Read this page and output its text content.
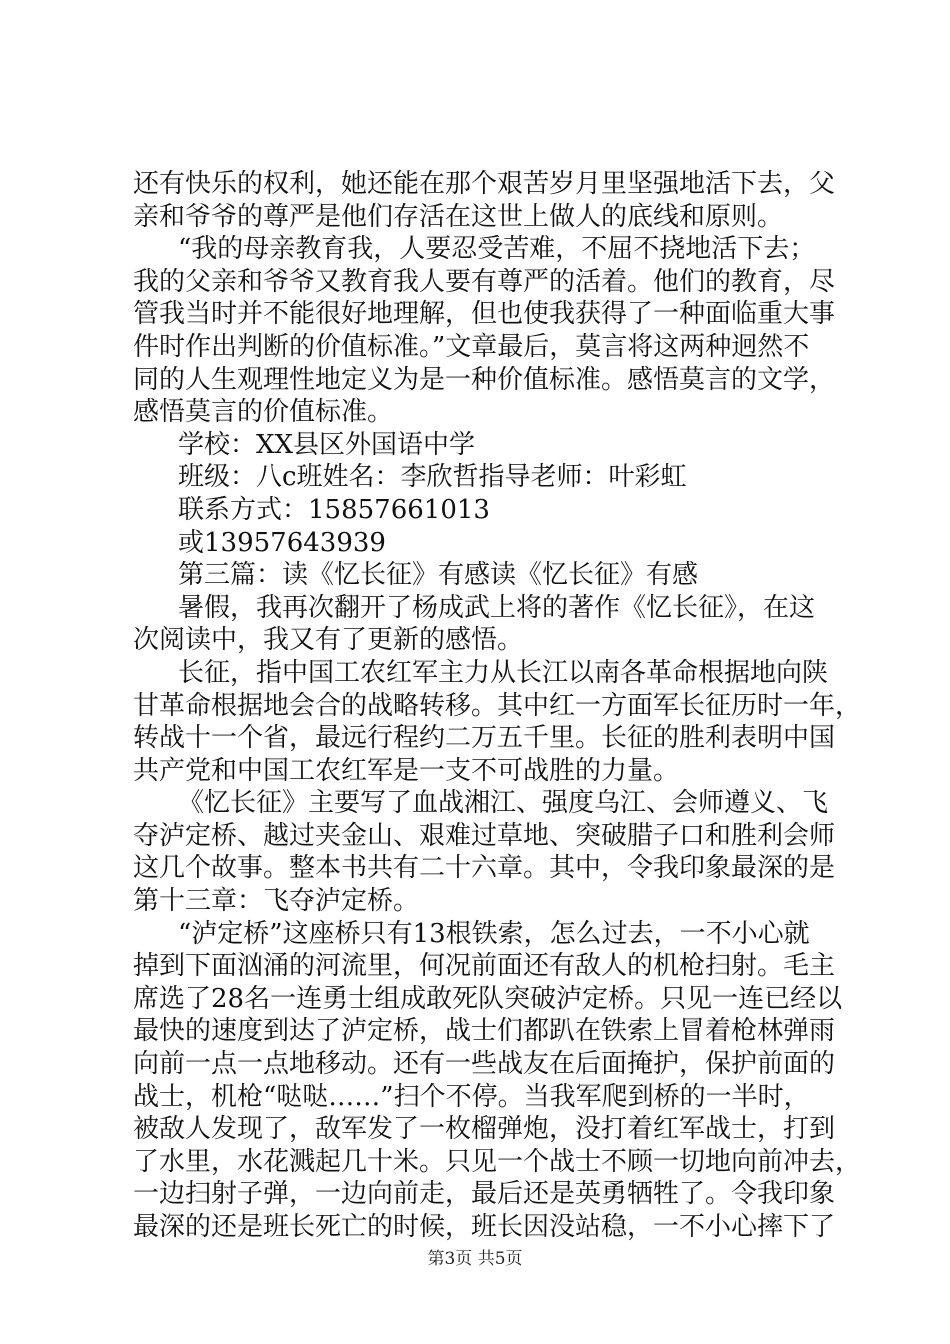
还有快乐的权利，她还能在那个艰苦岁月里坚强地活下去，父
亲和爷爷的尊严是他们存活在这世上做人的底线和原则。
“我的母亲教育我，人要忍受苦难，不屈不挠地活下去；
我的父亲和爷爷又教育我人要有尊严的活着。他们的教育，尽
管我当时并不能很好地理解，但也使我获得了一种面临重大事
件时作出判断的价值标准。”文章最后，莫言将这两种迥然不
同的人生观理性地定义为是一种价值标准。感悟莫言的文学，
感悟莫言的价值标准。
学校：XX县区外国语中学
班级：八c班姓名：李欣哲指导老师：叶彩虹
联系方式：15857661013
或13957643939
第三篇：读《忆长征》有感读《忆长征》有感
暑假，我再次翻开了杨成武上将的著作《忆长征》，在这
次阅读中，我又有了更新的感悟。
长征，指中国工农红军主力从长江以南各革命根据地向陕
甘革命根据地会合的战略转移。其中红一方面军长征历时一年，
转战十一个省，最远行程约二万五千里。长征的胜利表明中国
共产党和中国工农红军是一支不可战胜的力量。
《忆长征》主要写了血战湘江、强度乌江、会师遵义、飞
夺泸定桥、越过夹金山、艰难过草地、突破腊子口和胜利会师
这几个故事。整本书共有二十六章。其中，令我印象最深的是
第十三章：飞夺泸定桥。
“泸定桥”这座桥只有13根铁索，怎么过去，一不小心就
掉到下面汹涌的河流里，何况前面还有敌人的机枪扫射。毛主
席选了28名一连勇士组成敢死队突破泸定桥。只见一连已经以
最快的速度到达了泸定桥，战士们都趴在铁索上冒着枪林弹雨
向前一点一点地移动。还有一些战友在后面掩护，保护前面的
战士，机枪“哒哒……”扫个不停。当我军爬到桥的一半时，
被敌人发现了，敌军发了一枚榴弹炮，没打着红军战士，打到
了水里，水花溅起几十米。只见一个战士不顾一切地向前冲去，
一边扫射子弹，一边向前走，最后还是英勇牺牲了。令我印象
最深的还是班长死亡的时候，班长因没站稳，一不小心摔下了
第3页 共5页
